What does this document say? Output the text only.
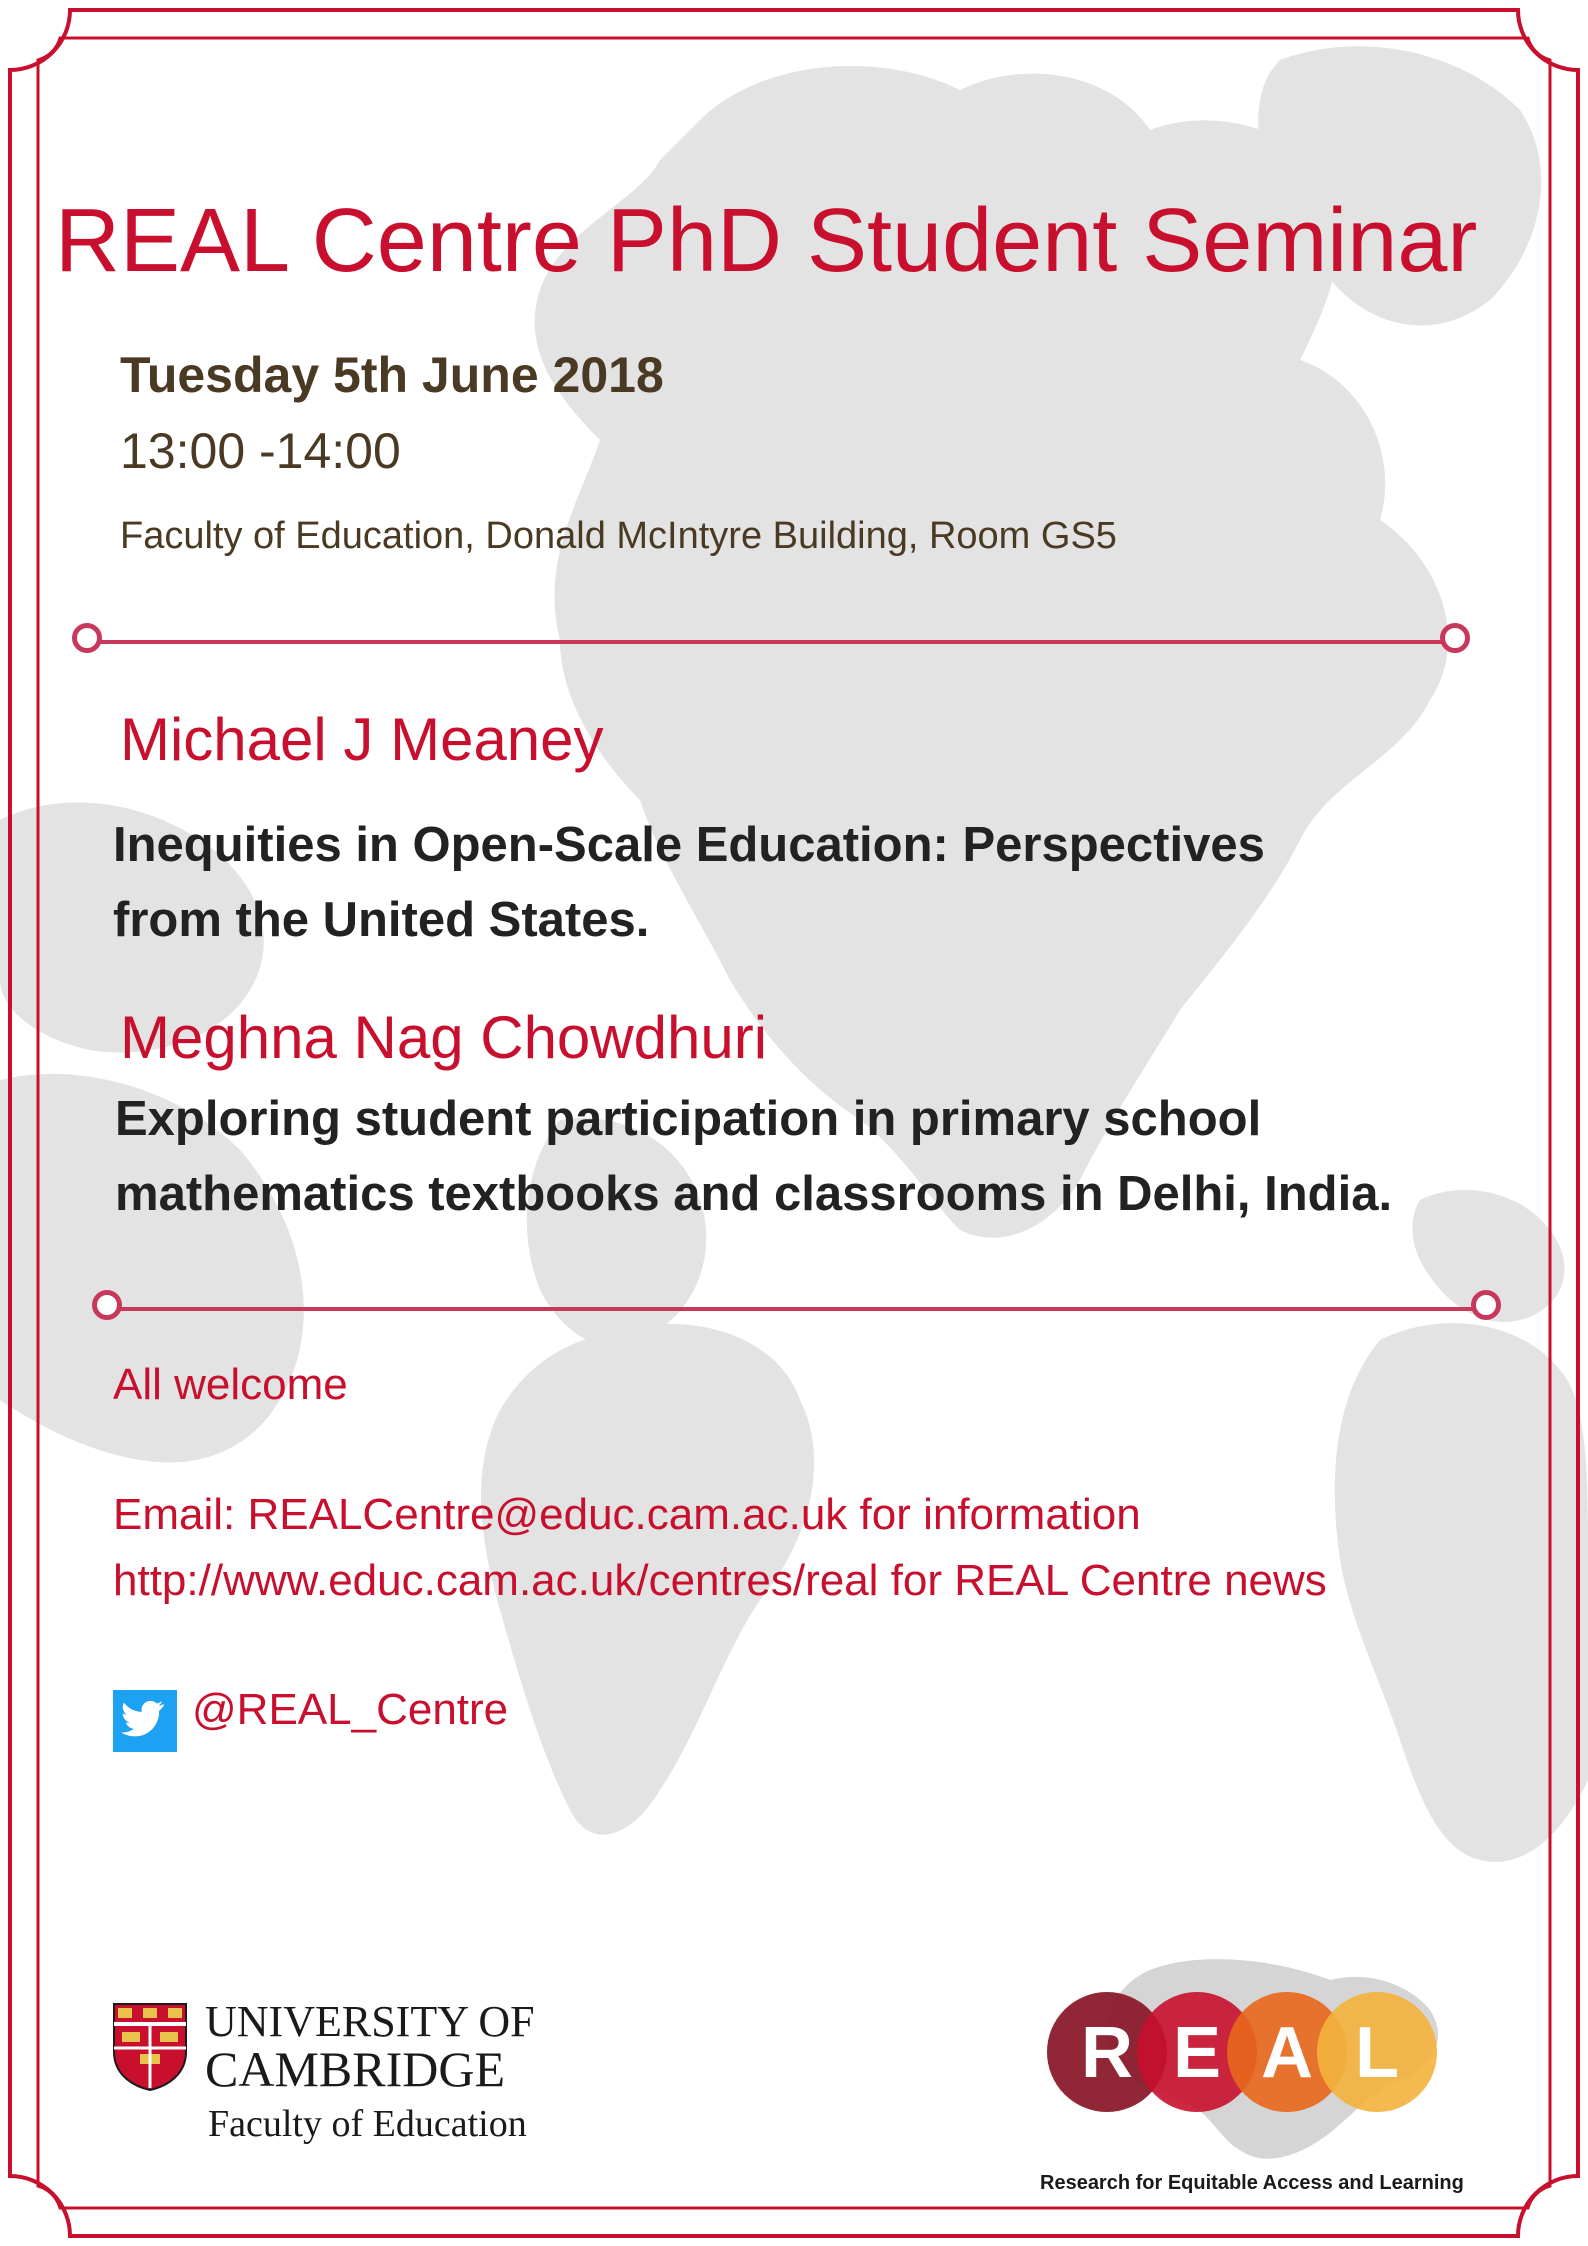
REAL Centre PhD Student Seminar
Tuesday 5th June 2018
13:00 -14:00
Faculty of Education, Donald McIntyre Building, Room GS5
Michael J Meaney
Inequities in Open-Scale Education: Perspectives
from the United States.
Meghna Nag Chowdhuri
Exploring student participation in primary school
mathematics textbooks and classrooms in Delhi, India.
All welcome
Email: REALCentre@educ.cam.ac.uk for information
http://www.educ.cam.ac.uk/centres/real for REAL Centre news
@REAL_Centre
UNIVERSITY OF
CAMBRIDGE
Faculty of Education
R E A L
Research for Equitable Access and Learning
